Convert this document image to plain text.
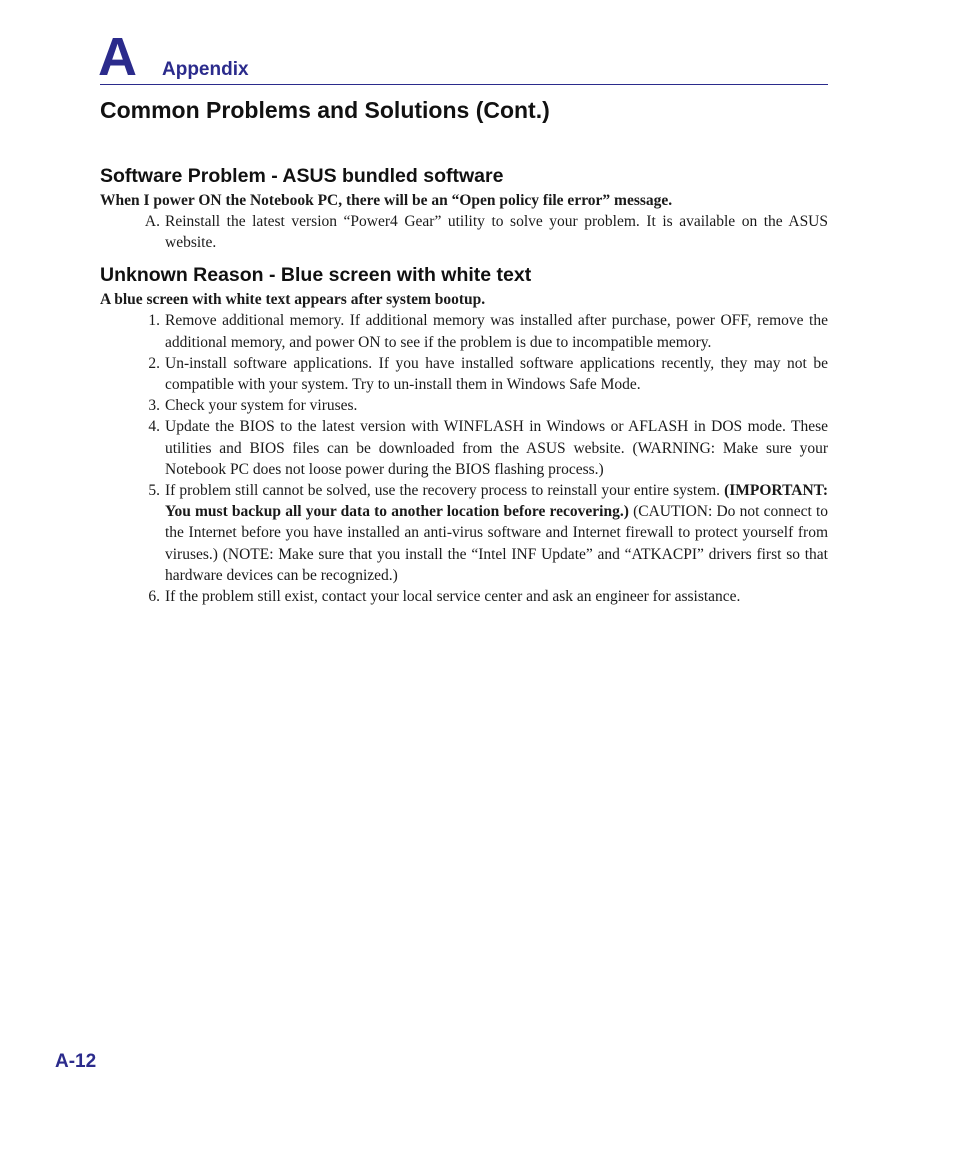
A Appendix
Common Problems and Solutions (Cont.)
Software Problem - ASUS bundled software

When I power ON the Notebook PC, there will be an “Open policy file error” message.

A. Reinstall the latest version “Power4 Gear” utility to solve your problem. It is available on the ASUS website.
Unknown Reason - Blue screen with white text

A blue screen with white text appears after system bootup.

1. Remove additional memory. If additional memory was installed after purchase, power OFF, remove the additional memory, and power ON to see if the problem is due to incompatible memory.
2. Un-install software applications. If you have installed software applications recently, they may not be compatible with your system. Try to un-install them in Windows Safe Mode.
3. Check your system for viruses.
4. Update the BIOS to the latest version with WINFLASH in Windows or AFLASH in DOS mode. These utilities and BIOS files can be downloaded from the ASUS website. (WARNING: Make sure your Notebook PC does not loose power during the BIOS flashing process.)
5. If problem still cannot be solved, use the recovery process to reinstall your entire system. (IMPORTANT: You must backup all your data to another location before recovering.) (CAUTION: Do not connect to the Internet before you have installed an anti-virus software and Internet firewall to protect yourself from viruses.) (NOTE: Make sure that you install the “Intel INF Update” and “ATKACPI” drivers first so that hardware devices can be recognized.)
6. If the problem still exist, contact your local service center and ask an engineer for assistance.
A-12
